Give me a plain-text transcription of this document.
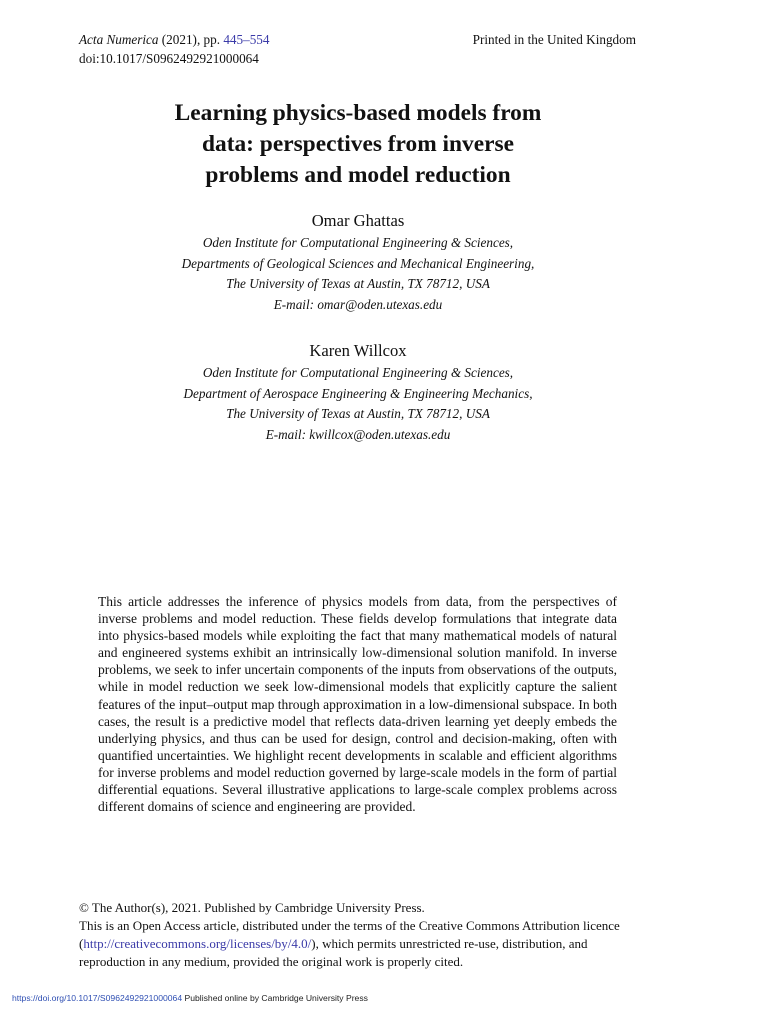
Acta Numerica (2021), pp. 445–554	Printed in the United Kingdom
doi:10.1017/S0962492921000064
Learning physics-based models from
data: perspectives from inverse
problems and model reduction
Omar Ghattas
Oden Institute for Computational Engineering & Sciences,
Departments of Geological Sciences and Mechanical Engineering,
The University of Texas at Austin, TX 78712, USA
E-mail: omar@oden.utexas.edu
Karen Willcox
Oden Institute for Computational Engineering & Sciences,
Department of Aerospace Engineering & Engineering Mechanics,
The University of Texas at Austin, TX 78712, USA
E-mail: kwillcox@oden.utexas.edu
This article addresses the inference of physics models from data, from the perspectives of inverse problems and model reduction. These fields develop formulations that integrate data into physics-based models while exploiting the fact that many mathematical models of natural and engineered systems exhibit an intrinsically low-dimensional solution manifold. In inverse problems, we seek to infer uncertain components of the inputs from observations of the outputs, while in model reduction we seek low-dimensional models that explicitly capture the salient features of the input–output map through approximation in a low-dimensional subspace. In both cases, the result is a predictive model that reflects data-driven learning yet deeply embeds the underlying physics, and thus can be used for design, control and decision-making, often with quantified uncertainties. We highlight recent developments in scalable and efficient algorithms for inverse problems and model reduction governed by large-scale models in the form of partial differential equations. Several illustrative applications to large-scale complex problems across different domains of science and engineering are provided.
© The Author(s), 2021. Published by Cambridge University Press.
This is an Open Access article, distributed under the terms of the Creative Commons Attribution licence (http://creativecommons.org/licenses/by/4.0/), which permits unrestricted re-use, distribution, and reproduction in any medium, provided the original work is properly cited.
https://doi.org/10.1017/S0962492921000064 Published online by Cambridge University Press
